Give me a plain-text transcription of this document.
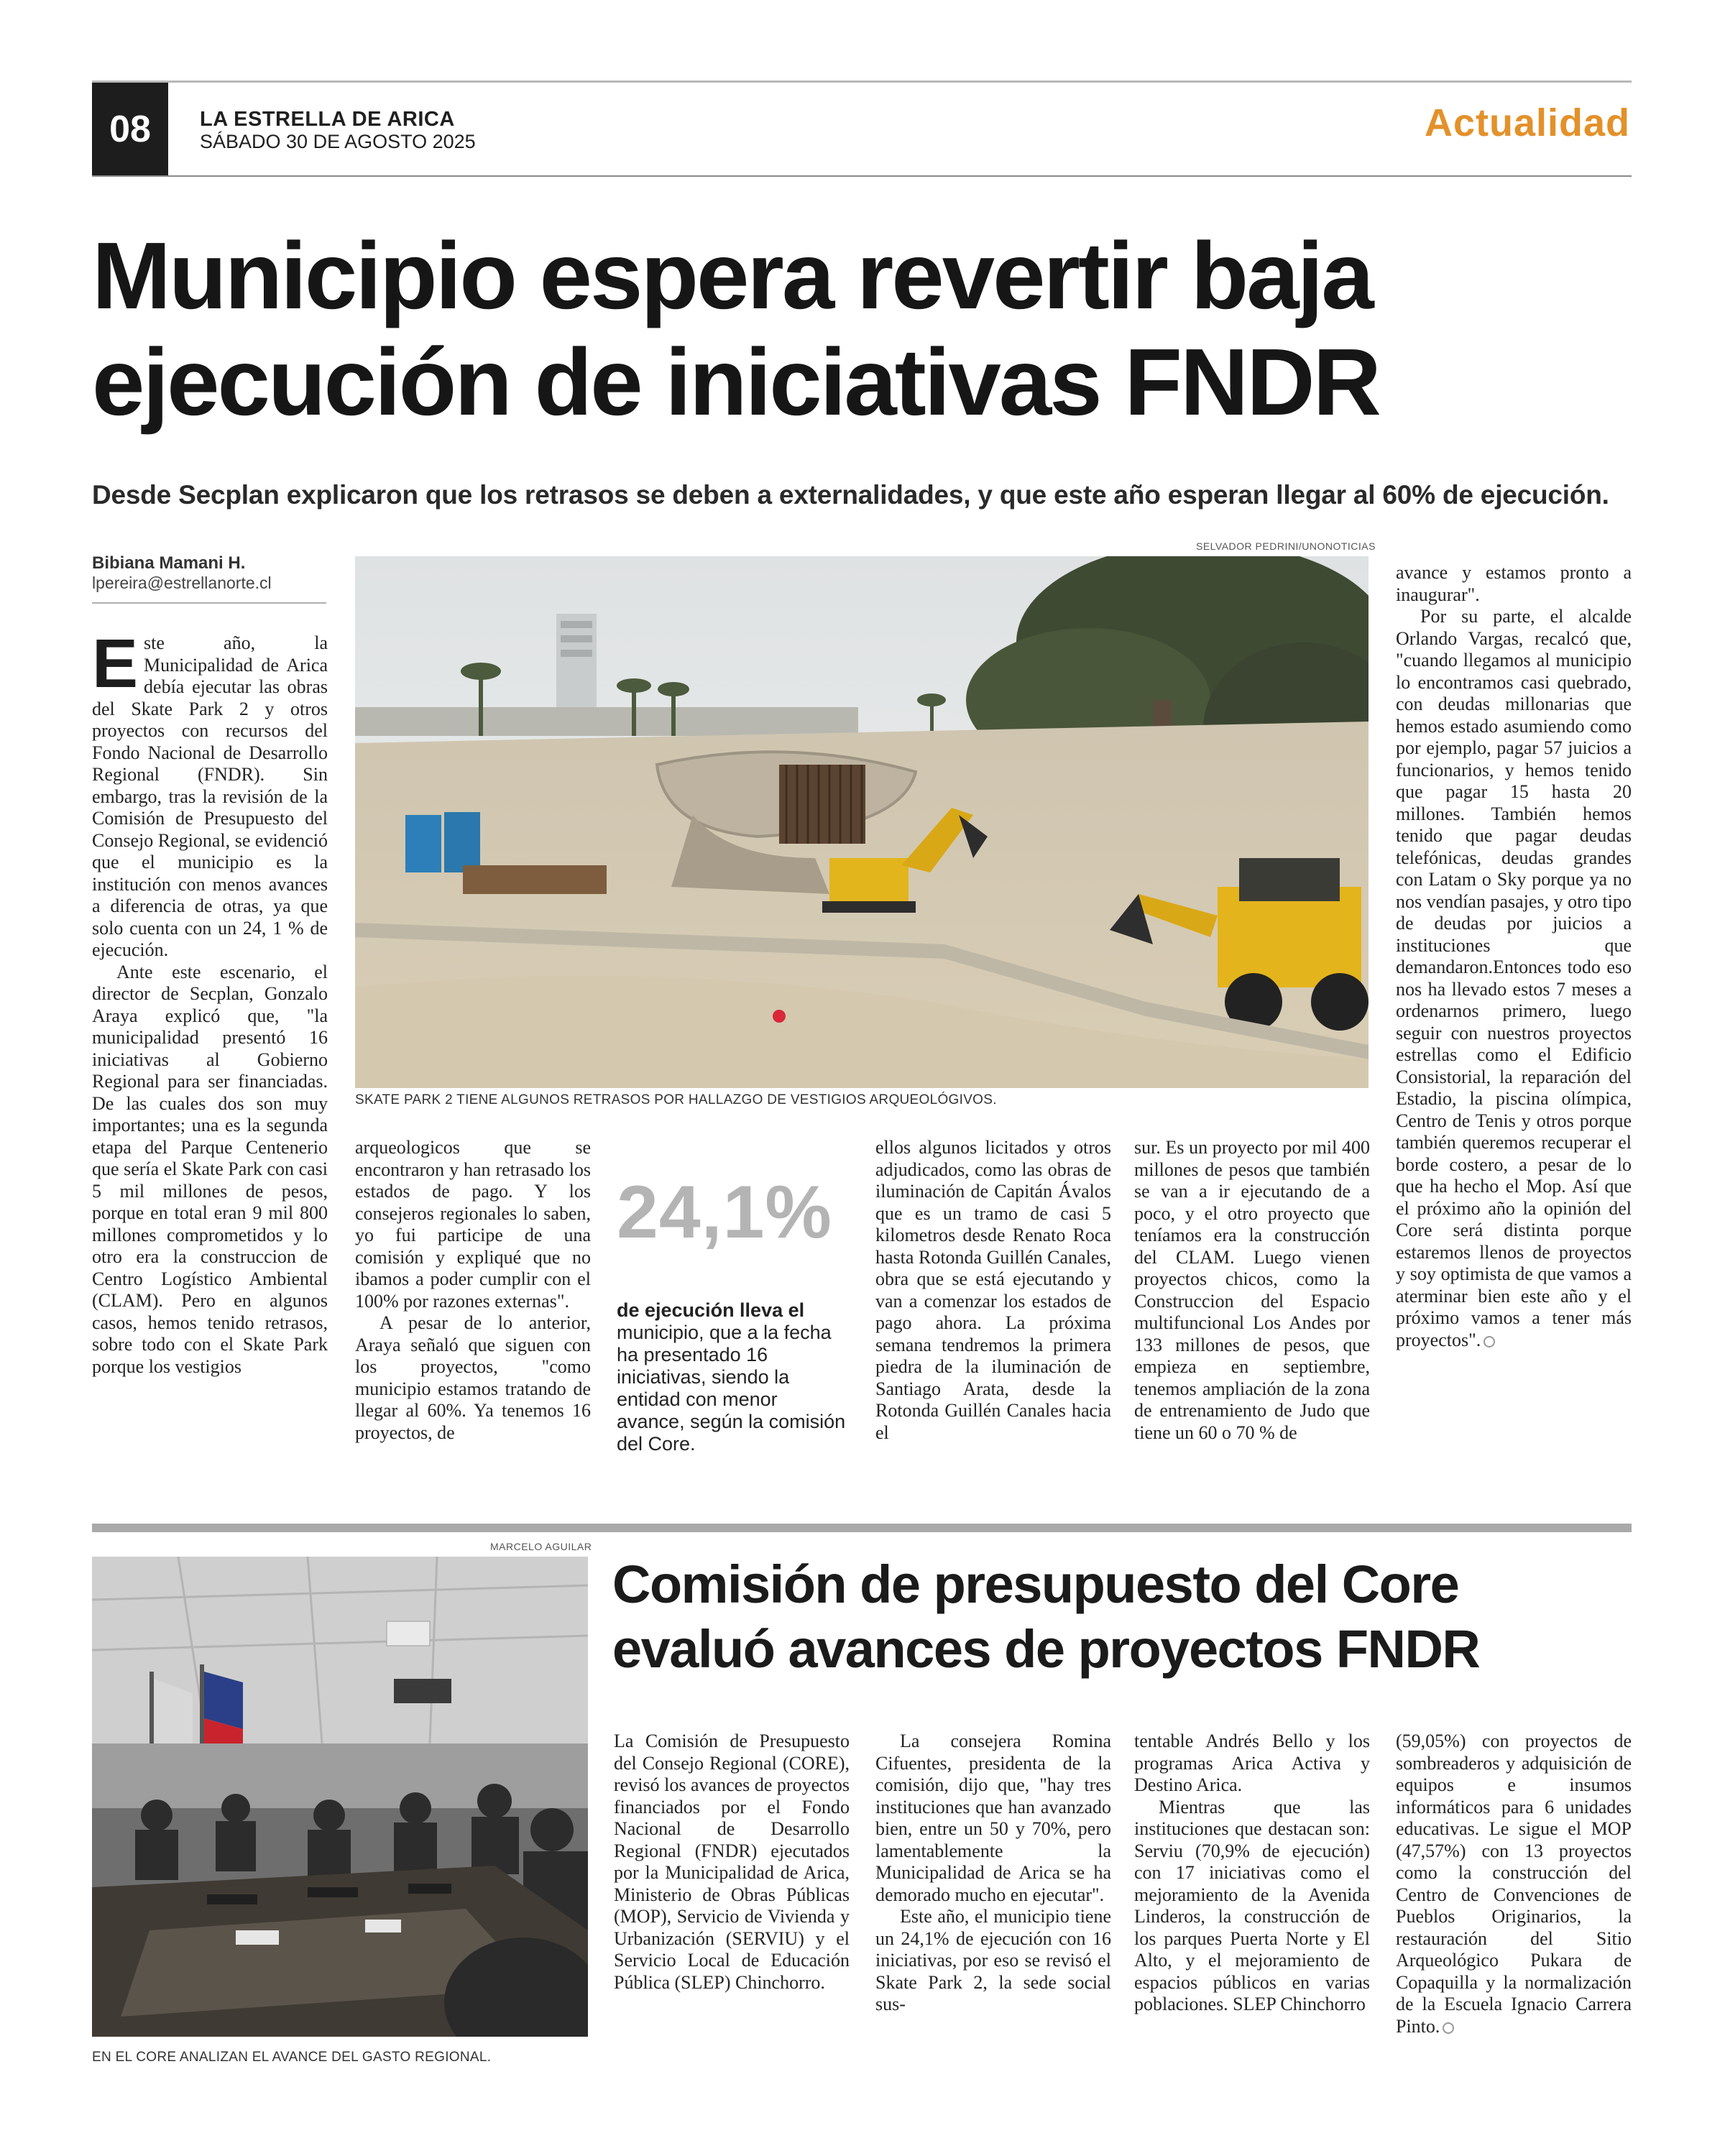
08	LA ESTRELLA DE ARICA
SÁBADO 30 DE AGOSTO 2025	Actualidad
Municipio espera revertir baja
ejecución de iniciativas FNDR
Desde Secplan explicaron que los retrasos se deben a externalidades, y que este año esperan llegar al 60% de ejecución.
Bibiana Mamani H.
lpereira@estrellanorte.cl
SELVADOR PEDRINI/UNONOTICIAS
SKATE PARK 2 TIENE ALGUNOS RETRASOS POR HALLAZGO DE VESTIGIOS ARQUEOLÓGIVOS.

Este año, la Municipalidad de Arica debía ejecutar las obras del Skate Park 2 y otros proyectos con recursos del Fondo Nacional de Desarrollo Regional (FNDR). Sin embargo, tras la revisión de la Comisión de Presupuesto del Consejo Regional, se evidenció que el municipio es la institución con menos avances a diferencia de otras, ya que solo cuenta con un 24, 1 % de ejecución.

Ante este escenario, el director de Secplan, Gonzalo Araya explicó que, "la municipalidad presentó 16 iniciativas al Gobierno Regional para ser financiadas. De las cuales dos son muy importantes; una es la segunda etapa del Parque Centenerio que sería el Skate Park con casi 5 mil millones de pesos, porque en total eran 9 mil 800 millones comprometidos y lo otro era la construccion de Centro Logístico Ambiental (CLAM). Pero en algunos casos, hemos tenido retrasos, sobre todo con el Skate Park porque los vestigios

arqueologicos que se encontraron y han retrasado los estados de pago. Y los consejeros regionales lo saben, yo fui participe de una comisión y expliqué que no ibamos a poder cumplir con el 100% por razones externas".

A pesar de lo anterior, Araya señaló que siguen con los proyectos, "como municipio estamos tratando de llegar al 60%. Ya tenemos 16 proyectos, de

24,1%
de ejecución lleva el municipio, que a la fecha ha presentado 16 iniciativas, siendo la entidad con menor avance, según la comisión del Core.

ellos algunos licitados y otros adjudicados, como las obras de iluminación de Capitán Ávalos que es un tramo de casi 5 kilometros desde Renato Roca hasta Rotonda Guillén Canales, obra que se está ejecutando y van a comenzar los estados de pago ahora. La próxima semana tendremos la primera piedra de la iluminación de Santiago Arata, desde la Rotonda Guillén Canales hacia el

sur. Es un proyecto por mil 400 millones de pesos que también se van a ir ejecutando de a poco, y el otro proyecto que teníamos era la construcción del CLAM. Luego vienen proyectos chicos, como la Construccion del Espacio multifuncional Los Andes por 133 millones de pesos, que empieza en septiembre, tenemos ampliación de la zona de entrenamiento de Judo que tiene un 60 o 70 % de

avance y estamos pronto a inaugurar".

Por su parte, el alcalde Orlando Vargas, recalcó que, "cuando llegamos al municipio lo encontramos casi quebrado, con deudas millonarias que hemos estado asumiendo como por ejemplo, pagar 57 juicios a funcionarios, y hemos tenido que pagar 15 hasta 20 millones. También hemos tenido que pagar deudas telefónicas, deudas grandes con Latam o Sky porque ya no nos vendían pasajes, y otro tipo de deudas por juicios a instituciones que demandaron.Entonces todo eso nos ha llevado estos 7 meses a ordenarnos primero, luego seguir con nuestros proyectos estrellas como el Edificio Consistorial, la reparación del Estadio, la piscina olímpica, Centro de Tenis y otros porque también queremos recuperar el borde costero, a pesar de lo que ha hecho el Mop. Así que el próximo año la opinión del Core será distinta porque estaremos llenos de proyectos y soy optimista de que vamos a aterminar bien este año y el próximo vamos a tener más proyectos".

MARCELO AGUILAR
EN EL CORE ANALIZAN EL AVANCE DEL GASTO REGIONAL.
Comisión de presupuesto del Core
evaluó avances de proyectos FNDR

La Comisión de Presupuesto del Consejo Regional (CORE), revisó los avances de proyectos financiados por el Fondo Nacional de Desarrollo Regional (FNDR) ejecutados por la Municipalidad de Arica, Ministerio de Obras Públicas (MOP), Servicio de Vivienda y Urbanización (SERVIU) y el Servicio Local de Educación Pública (SLEP) Chinchorro.

La consejera Romina Cifuentes, presidenta de la comisión, dijo que, "hay tres instituciones que han avanzado bien, entre un 50 y 70%, pero lamentablemente la Municipalidad de Arica se ha demorado mucho en ejecutar".

Este año, el municipio tiene un 24,1% de ejecución con 16 iniciativas, por eso se revisó el Skate Park 2, la sede social sus-

tentable Andrés Bello y los programas Arica Activa y Destino Arica.

Mientras que las instituciones que destacan son: Serviu (70,9% de ejecución) con 17 iniciativas como el mejoramiento de la Avenida Linderos, la construcción de los parques Puerta Norte y El Alto, y el mejoramiento de espacios públicos en varias poblaciones. SLEP Chinchorro

(59,05%) con proyectos de sombreaderos y adquisición de equipos e insumos informáticos para 6 unidades educativas. Le sigue el MOP (47,57%) con 13 proyectos como la construcción del Centro de Convenciones de Pueblos Originarios, la restauración del Sitio Arqueológico Pukara de Copaquilla y la normalización de la Escuela Ignacio Carrera Pinto.
